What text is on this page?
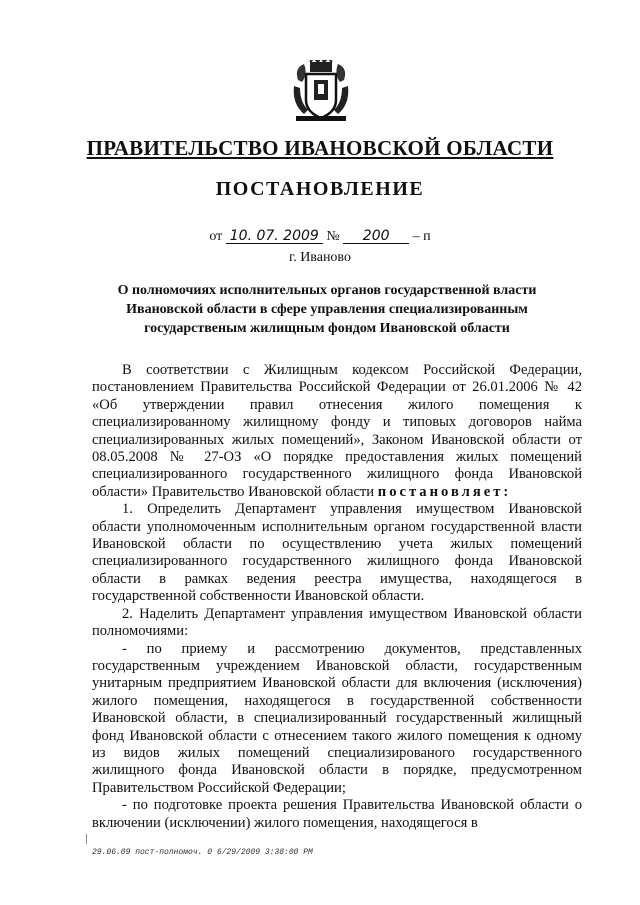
ПРАВИТЕЛЬСТВО ИВАНОВСКОЙ ОБЛАСТИ
ПОСТАНОВЛЕНИЕ
от 10. 07. 2009 № 200 – п
г. Иваново
О полномочиях исполнительных органов государственной власти Ивановской области в сфере управления специализированным государственым жилищным фондом Ивановской области

В соответствии с Жилищным кодексом Российской Федерации, постановлением Правительства Российской Федерации от 26.01.2006 № 42 «Об утверждении правил отнесения жилого помещения к специализированному жилищному фонду и типовых договоров найма специализированных жилых помещений», Законом Ивановской области от 08.05.2008 № 27-ОЗ «О порядке предоставления жилых помещений специализированного государственного жилищного фонда Ивановской области» Правительство Ивановской области постановляет:

1. Определить Департамент управления имуществом Ивановской области уполномоченным исполнительным органом государственной власти Ивановской области по осуществлению учета жилых помещений специализированного государственного жилищного фонда Ивановской области в рамках ведения реестра имущества, находящегося в государственной собственности Ивановской области.

2. Наделить Департамент управления имуществом Ивановской области полномочиями:

- по приему и рассмотрению документов, представленных государственным учреждением Ивановской области, государственным унитарным предприятием Ивановской области для включения (исключения) жилого помещения, находящегося в государственной собственности Ивановской области, в специализированный государственный жилищный фонд Ивановской области с отнесением такого жилого помещения к одному из видов жилых помещений специализированого государственного жилищного фонда Ивановской области в порядке, предусмотренном Правительством Российской Федерации;

- по подготовке проекта решения Правительства Ивановской области о включении (исключении) жилого помещения, находящегося в

29.06.09 пост-полномоч. 0 6/29/2009 3:38:00 PM
